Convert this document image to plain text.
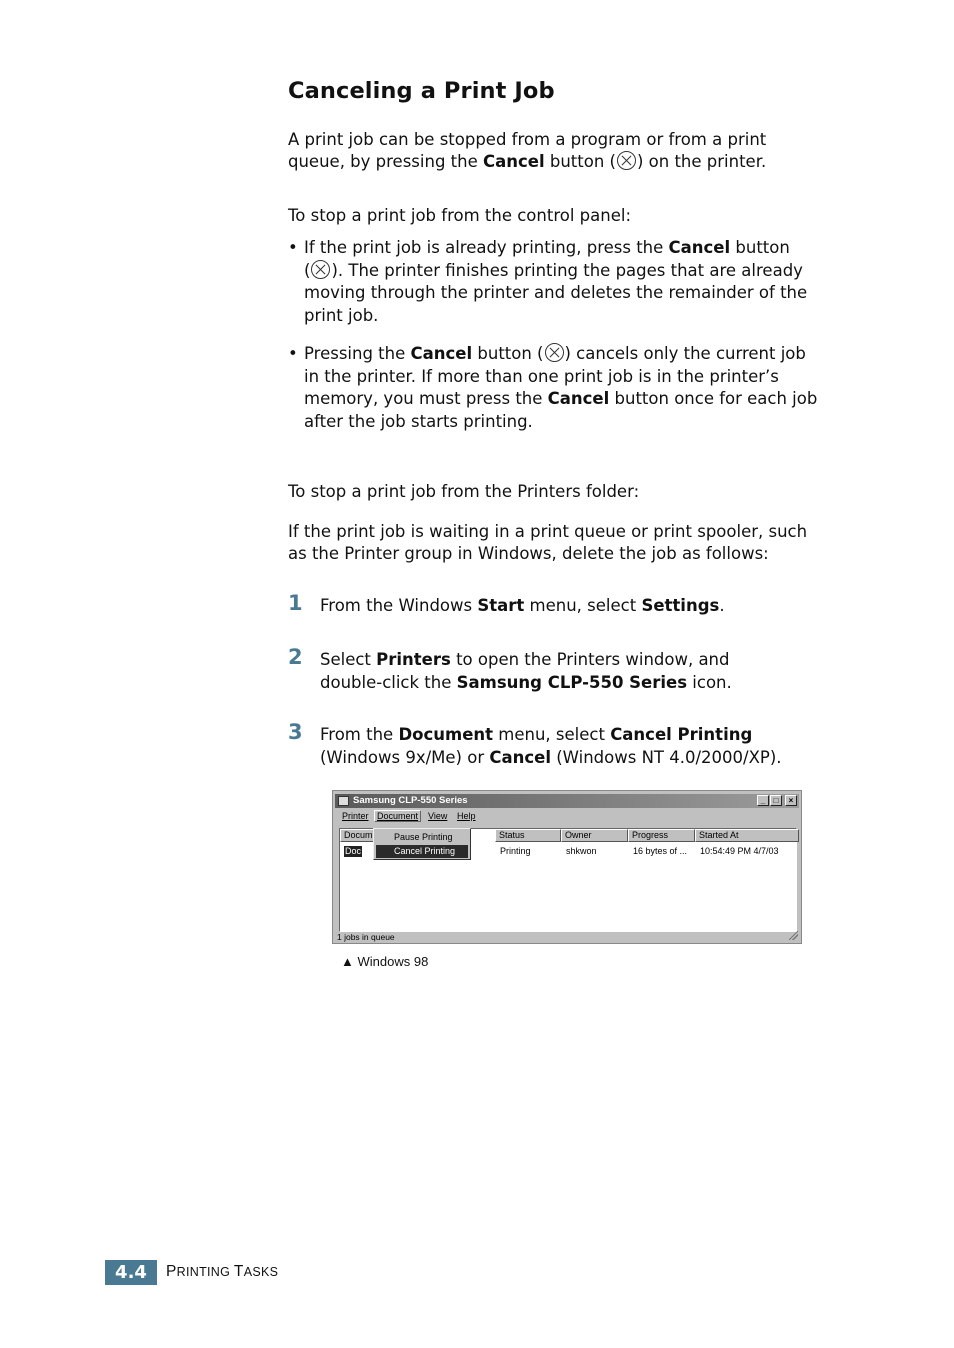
Canceling a Print Job
A print job can be stopped from a program or from a print
queue, by pressing the Cancel button ( ) on the printer.
To stop a print job from the control panel:
• If the print job is already printing, press the Cancel button
( ). The printer finishes printing the pages that are already
moving through the printer and deletes the remainder of the
print job.
• Pressing the Cancel button ( ) cancels only the current job
in the printer. If more than one print job is in the printer’s
memory, you must press the Cancel button once for each job
after the job starts printing.
To stop a print job from the Printers folder:
If the print job is waiting in a print queue or print spooler, such
as the Printer group in Windows, delete the job as follows:
1 From the Windows Start menu, select Settings.
2 Select Printers to open the Printers window, and
double-click the Samsung CLP-550 Series icon.
3 From the Document menu, select Cancel Printing
(Windows 9x/Me) or Cancel (Windows NT 4.0/2000/XP).
Samsung CLP-550 Series	_	□	×
Printer Document	View Help
Docum	Status	Owner	Progress	Started At
Doc	Printing	shkwon	16 bytes of ... 10:54:49 PM 4/7/03
Pause Printing
Cancel Printing
1 jobs in queue
▲ Windows 98
4.4	PRINTING TASKS
